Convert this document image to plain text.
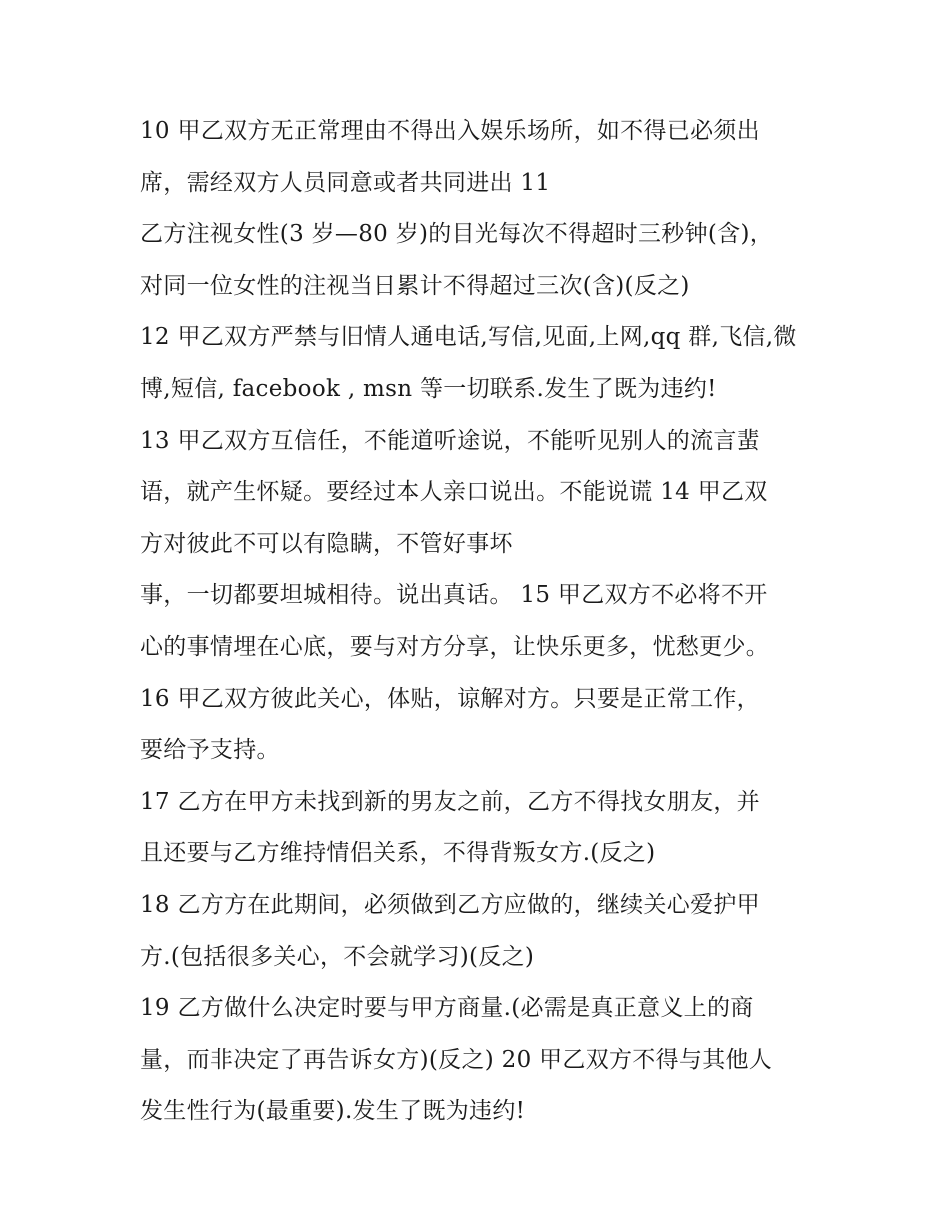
10 甲乙双方无正常理由不得出入娱乐场所，如不得已必须出
席，需经双方人员同意或者共同进出 11
乙方注视女性(3 岁—80 岁)的目光每次不得超时三秒钟(含)，
对同一位女性的注视当日累计不得超过三次(含)(反之)
12 甲乙双方严禁与旧情人通电话,写信,见面,上网,qq 群,飞信,微
博,短信, facebook , msn 等一切联系.发生了既为违约!
13 甲乙双方互信任，不能道听途说，不能听见别人的流言蜚
语，就产生怀疑。要经过本人亲口说出。不能说谎 14 甲乙双
方对彼此不可以有隐瞒，不管好事坏
事，一切都要坦城相待。说出真话。 15 甲乙双方不必将不开
心的事情埋在心底，要与对方分享，让快乐更多，忧愁更少。
16 甲乙双方彼此关心，体贴，谅解对方。只要是正常工作，
要给予支持。
17 乙方在甲方未找到新的男友之前，乙方不得找女朋友，并
且还要与乙方维持情侣关系，不得背叛女方.(反之)
18 乙方方在此期间，必须做到乙方应做的，继续关心爱护甲
方.(包括很多关心，不会就学习)(反之)
19 乙方做什么决定时要与甲方商量.(必需是真正意义上的商
量，而非决定了再告诉女方)(反之) 20 甲乙双方不得与其他人
发生性行为(最重要).发生了既为违约!
